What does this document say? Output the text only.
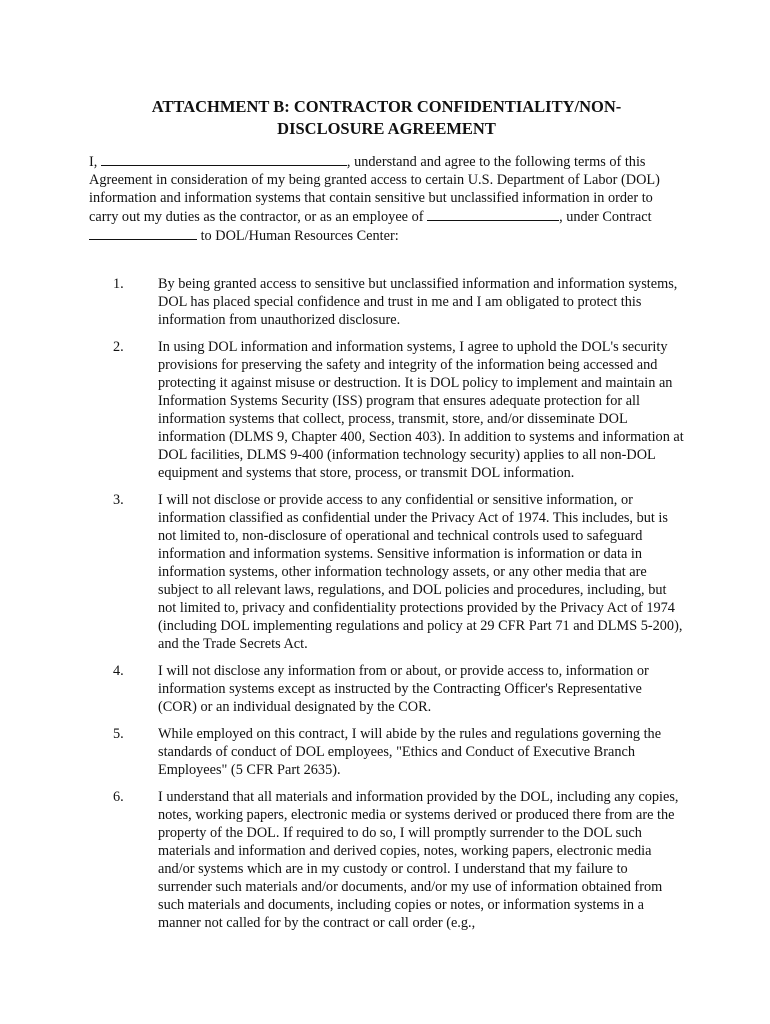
ATTACHMENT B: CONTRACTOR CONFIDENTIALITY/NON-
DISCLOSURE AGREEMENT

I,	, understand and agree to the following terms of this Agreement in consideration of my being granted access to certain U.S. Department of Labor (DOL) information and information systems that contain sensitive but unclassified information in order to carry out my duties as the contractor, or as an employee of	, under Contract  to DOL/Human Resources Center:

1.	By being granted access to sensitive but unclassified information and information systems, DOL has placed special confidence and trust in me and I am obligated to protect this information from unauthorized disclosure.
2.	In using DOL information and information systems, I agree to uphold the DOL's security provisions for preserving the safety and integrity of the information being accessed and protecting it against misuse or destruction. It is DOL policy to implement and maintain an Information Systems Security (ISS) program that ensures adequate protection for all information systems that collect, process, transmit, store, and/or disseminate DOL information (DLMS 9, Chapter 400, Section 403). In addition to systems and information at DOL facilities, DLMS 9-400 (information technology security) applies to all non-DOL equipment and systems that store, process, or transmit DOL information.
3.	I will not disclose or provide access to any confidential or sensitive information, or information classified as confidential under the Privacy Act of 1974. This includes, but is not limited to, non-disclosure of operational and technical controls used to safeguard information and information systems. Sensitive information is information or data in information systems, other information technology assets, or any other media that are subject to all relevant laws, regulations, and DOL policies and procedures, including, but not limited to, privacy and confidentiality protections provided by the Privacy Act of 1974 (including DOL implementing regulations and policy at 29 CFR Part 71 and DLMS 5-200), and the Trade Secrets Act.
4.	I will not disclose any information from or about, or provide access to, information or information systems except as instructed by the Contracting Officer's Representative (COR) or an individual designated by the COR.
5.	While employed on this contract, I will abide by the rules and regulations governing the standards of conduct of DOL employees, "Ethics and Conduct of Executive Branch Employees" (5 CFR Part 2635).
6.	I understand that all materials and information provided by the DOL, including any copies, notes, working papers, electronic media or systems derived or produced there from are the property of the DOL. If required to do so, I will promptly surrender to the DOL such materials and information and derived copies, notes, working papers, electronic media and/or systems which are in my custody or control. I understand that my failure to surrender such materials and/or documents, and/or my use of information obtained from such materials and documents, including copies or notes, or information systems in a manner not called for by the contract or call order (e.g.,
